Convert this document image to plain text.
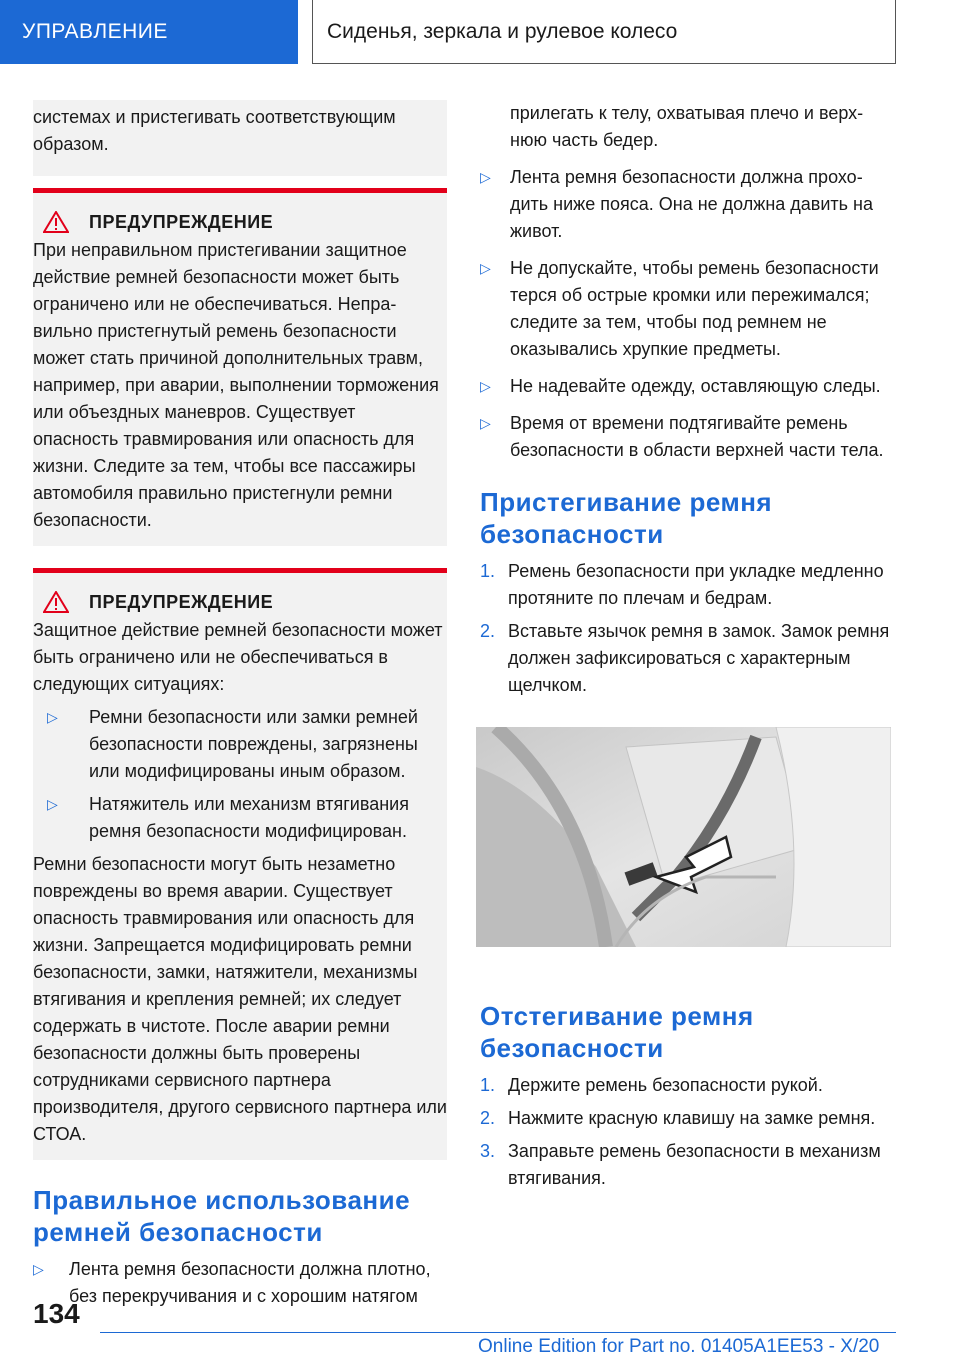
УПРАВЛЕНИЕ	Сиденья, зеркала и рулевое колесо

системах и пристегивать соответствующим образом.

ПРЕДУПРЕЖДЕНИЕ

При неправильном пристегивании защитное действие ремней безопасности может быть ограничено или не обеспечиваться. Неправильно пристегнутый ремень безопасности может стать причиной дополнительных травм, например, при аварии, выполнении торможения или объездных маневров. Существует опасность травмирования или опасность для жизни. Следите за тем, чтобы все пассажиры автомобиля правильно пристегнули ремни безопасности.

ПРЕДУПРЕЖДЕНИЕ

Защитное действие ремней безопасности может быть ограничено или не обеспечиваться в следующих ситуациях:

▷	Ремни безопасности или замки ремней безопасности повреждены, загрязнены или модифицированы иным образом.
▷	Натяжитель или механизм втягивания ремня безопасности модифицирован.

Ремни безопасности могут быть незаметно повреждены во время аварии. Существует опасность травмирования или опасность для жизни. Запрещается модифицировать ремни безопасности, замки, натяжители, механизмы втягивания и крепления ремней; их следует содержать в чистоте. После аварии ремни безопасности должны быть проверены сотрудниками сервисного партнера производителя, другого сервисного партнера или СТОА.

Правильное использование ремней безопасности
▷	Лента ремня безопасности должна плотно, без перекручивания и с хорошим натягом

прилегать к телу, охватывая плечо и верхнюю часть бедер.

▷	Лента ремня безопасности должна проходить ниже пояса. Она не должна давить на живот.
▷	Не допускайте, чтобы ремень безопасности терся об острые кромки или пережимался; следите за тем, чтобы под ремнем не оказывались хрупкие предметы.
▷	Не надевайте одежду, оставляющую следы.
▷	Время от времени подтягивайте ремень безопасности в области верхней части тела.
Пристегивание ремня безопасности
1. Ремень безопасности при укладке медленно протяните по плечам и бедрам.
2. Вставьте язычок ремня в замок. Замок ремня должен зафиксироваться с характерным щелчком.
Отстегивание ремня безопасности
1. Держите ремень безопасности рукой.
2. Нажмите красную клавишу на замке ремня.
3. Заправьте ремень безопасности в механизм втягивания.
134
Online Edition for Part no. 01405A1EE53 - X/20
